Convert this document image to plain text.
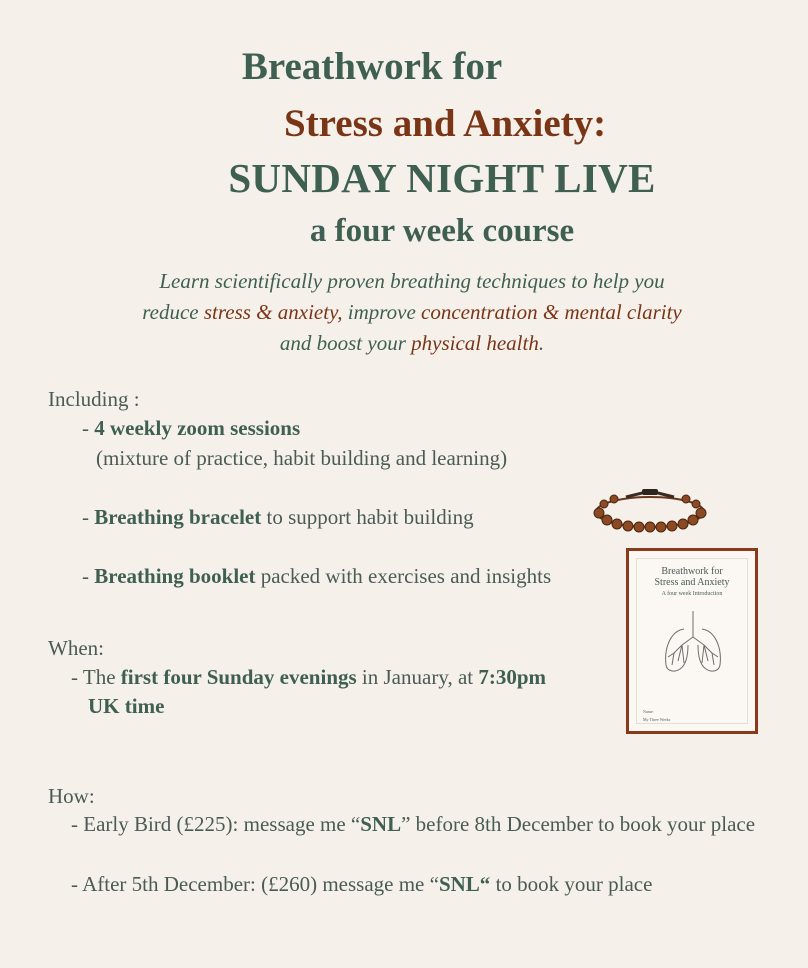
Breathwork for
Stress and Anxiety:
SUNDAY NIGHT LIVE
a four week course
Learn scientifically proven breathing techniques to help you
reduce stress & anxiety, improve concentration & mental clarity
and boost your physical health.
Including :
- 4 weekly zoom sessions
(mixture of practice, habit building and learning)
- Breathing bracelet to support habit building
- Breathing booklet packed with exercises and insights
When:
- The first four Sunday evenings in January, at 7:30pm
UK time
How:
- Early Bird (£225): message me “SNL” before 8th December to book your place
- After 5th December: (£260) message me “SNL“ to book your place
Breathwork for
Stress and Anxiety
A four week Introduction
Name:
My Three Weeks
